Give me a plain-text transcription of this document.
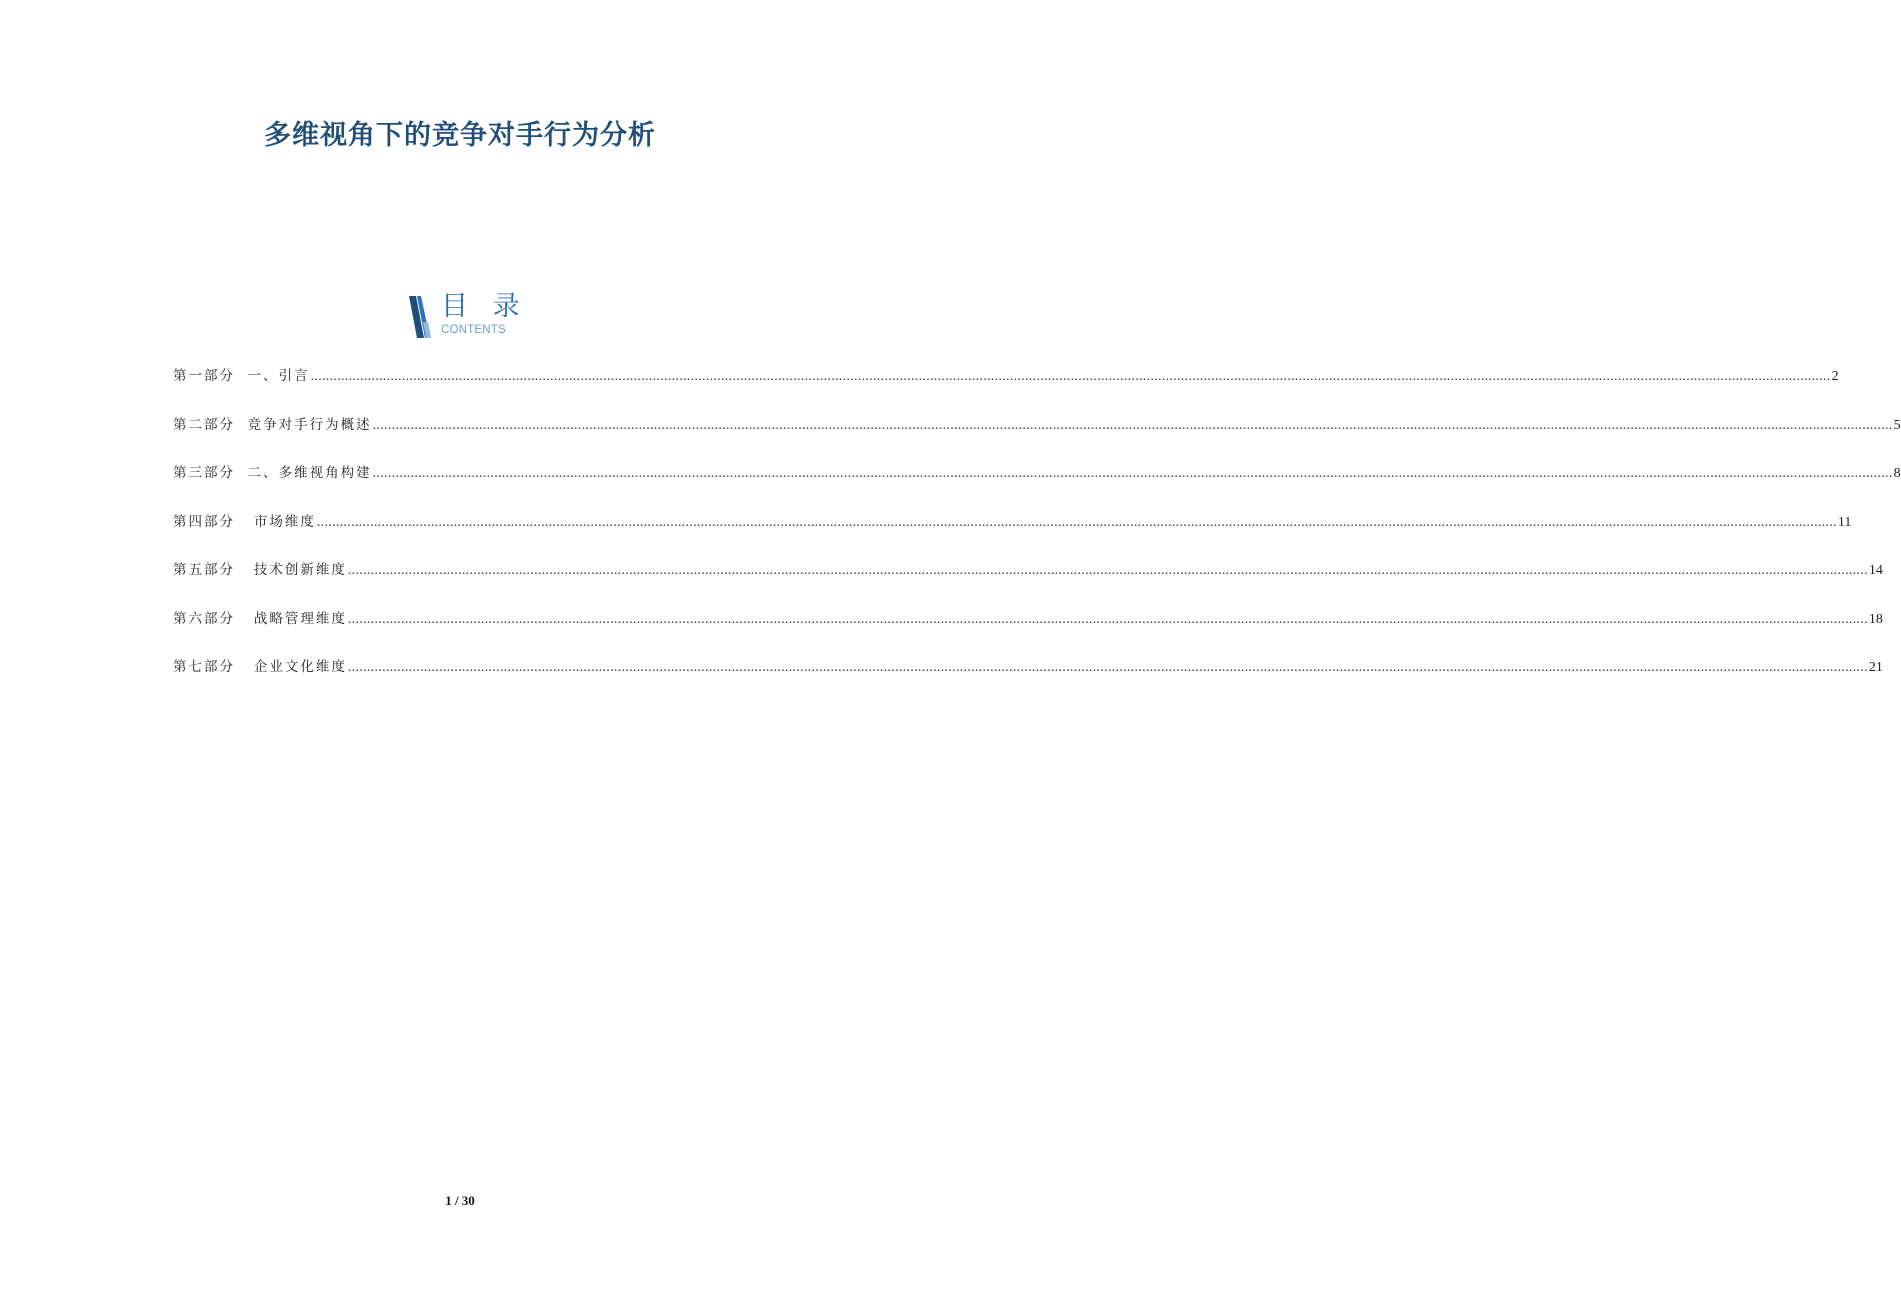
多维视角下的竞争对手行为分析
目 录
CONTENTS
第一部分  一、引言 ................................................................................................................................................................................................................................................................................................................................................................................................................ 2
第二部分  竞争对手行为概述 ................................................................................................................................................................................................................................................................................................................................................................................................................ 5
第三部分  二、多维视角构建 ................................................................................................................................................................................................................................................................................................................................................................................................................ 8
第四部分   市场维度 ................................................................................................................................................................................................................................................................................................................................................................................................................ 11
第五部分   技术创新维度 ................................................................................................................................................................................................................................................................................................................................................................................................................ 14
第六部分   战略管理维度 ................................................................................................................................................................................................................................................................................................................................................................................................................ 18
第七部分   企业文化维度 ................................................................................................................................................................................................................................................................................................................................................................................................................ 21
1 / 30
